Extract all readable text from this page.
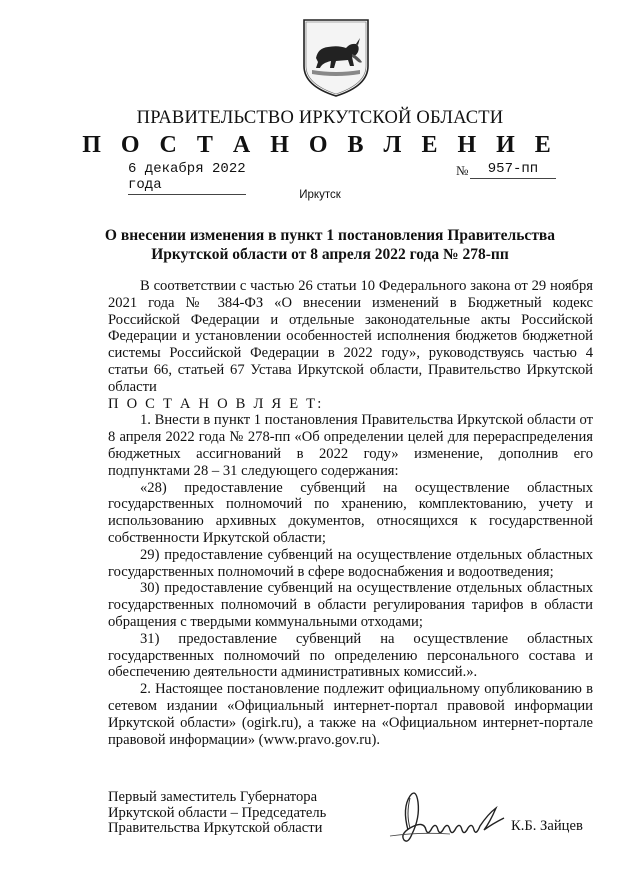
ПРАВИТЕЛЬСТВО ИРКУТСКОЙ ОБЛАСТИ
П О С Т А Н О В Л Е Н И Е
6 декабря 2022 года
№	957-пп
Иркутск
О внесении изменения в пункт 1 постановления Правительства
Иркутской области от 8 апреля 2022 года № 278-пп

В соответствии с частью 26 статьи 10 Федерального закона от 29 ноября 2021 года № 384-ФЗ «О внесении изменений в Бюджетный кодекс Российской Федерации и отдельные законодательные акты Российской Федерации и установлении особенностей исполнения бюджетов бюджетной системы Российской Федерации в 2022 году», руководствуясь частью 4 статьи 66, статьей 67 Устава Иркутской области, Правительство Иркутской области

П О С Т А Н О В Л Я Е Т:

1. Внести в пункт 1 постановления Правительства Иркутской области от 8 апреля 2022 года № 278-пп «Об определении целей для перераспределения бюджетных ассигнований в 2022 году» изменение, дополнив его подпунктами 28 – 31 следующего содержания:

«28) предоставление субвенций на осуществление областных государственных полномочий по хранению, комплектованию, учету и использованию архивных документов, относящихся к государственной собственности Иркутской области;

29) предоставление субвенций на осуществление отдельных областных государственных полномочий в сфере водоснабжения и водоотведения;

30) предоставление субвенций на осуществление отдельных областных государственных полномочий в области регулирования тарифов в области обращения с твердыми коммунальными отходами;

31) предоставление субвенций на осуществление областных государственных полномочий по определению персонального состава и обеспечению деятельности административных комиссий.».

2. Настоящее постановление подлежит официальному опубликованию в сетевом издании «Официальный интернет-портал правовой информации Иркутской области» (ogirk.ru), а также на «Официальном интернет-портале правовой информации» (www.pravo.gov.ru).

Первый заместитель Губернатора
Иркутской области – Председатель
Правительства Иркутской области	К.Б. Зайцев
